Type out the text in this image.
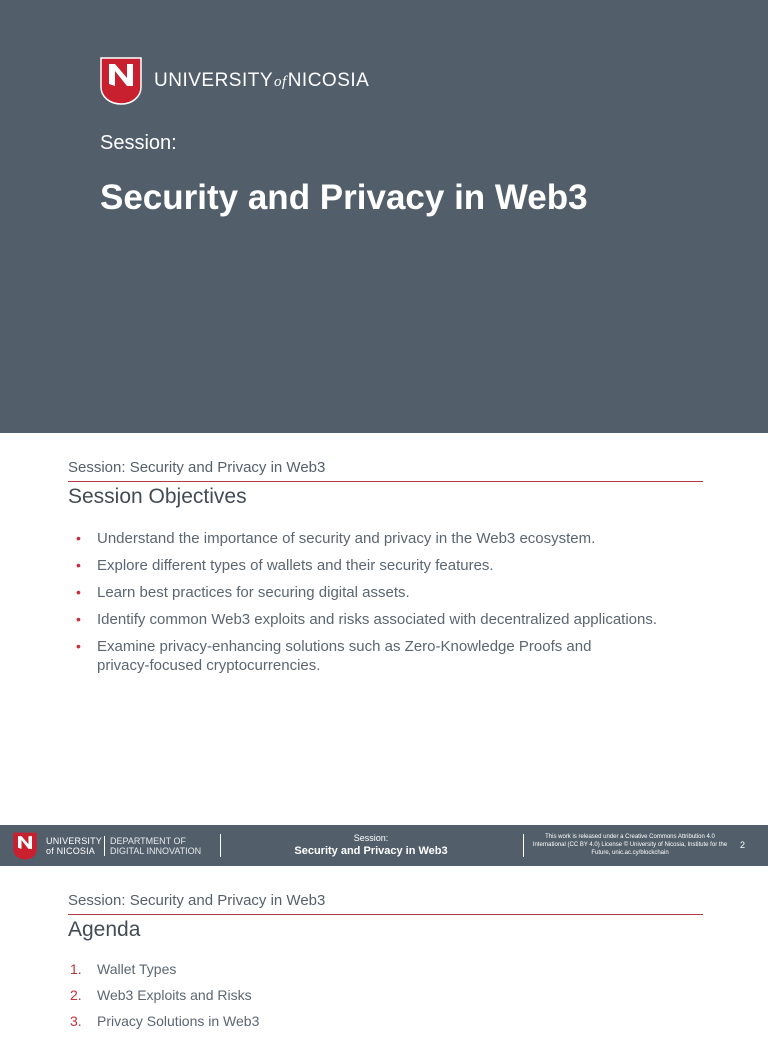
UNIVERSITYofNICOSIA
Session:
Security and Privacy in Web3
Session: Security and Privacy in Web3
Session Objectives
• Understand the importance of security and privacy in the Web3 ecosystem.
• Explore different types of wallets and their security features.
• Learn best practices for securing digital assets.
• Identify common Web3 exploits and risks associated with decentralized applications.
• Examine privacy-enhancing solutions such as Zero-Knowledge Proofs and privacy-focused cryptocurrencies.
UNIVERSITY
of NICOSIA
DEPARTMENT OF
DIGITAL INNOVATION
Session:
Security and Privacy in Web3
This work is released under a Creative Commons Attribution 4.0 International (CC BY 4.0) License © University of Nicosia, Institute for the Future, unic.ac.cy/blockchain
2
Session: Security and Privacy in Web3
Agenda
1. Wallet Types
2. Web3 Exploits and Risks
3. Privacy Solutions in Web3
